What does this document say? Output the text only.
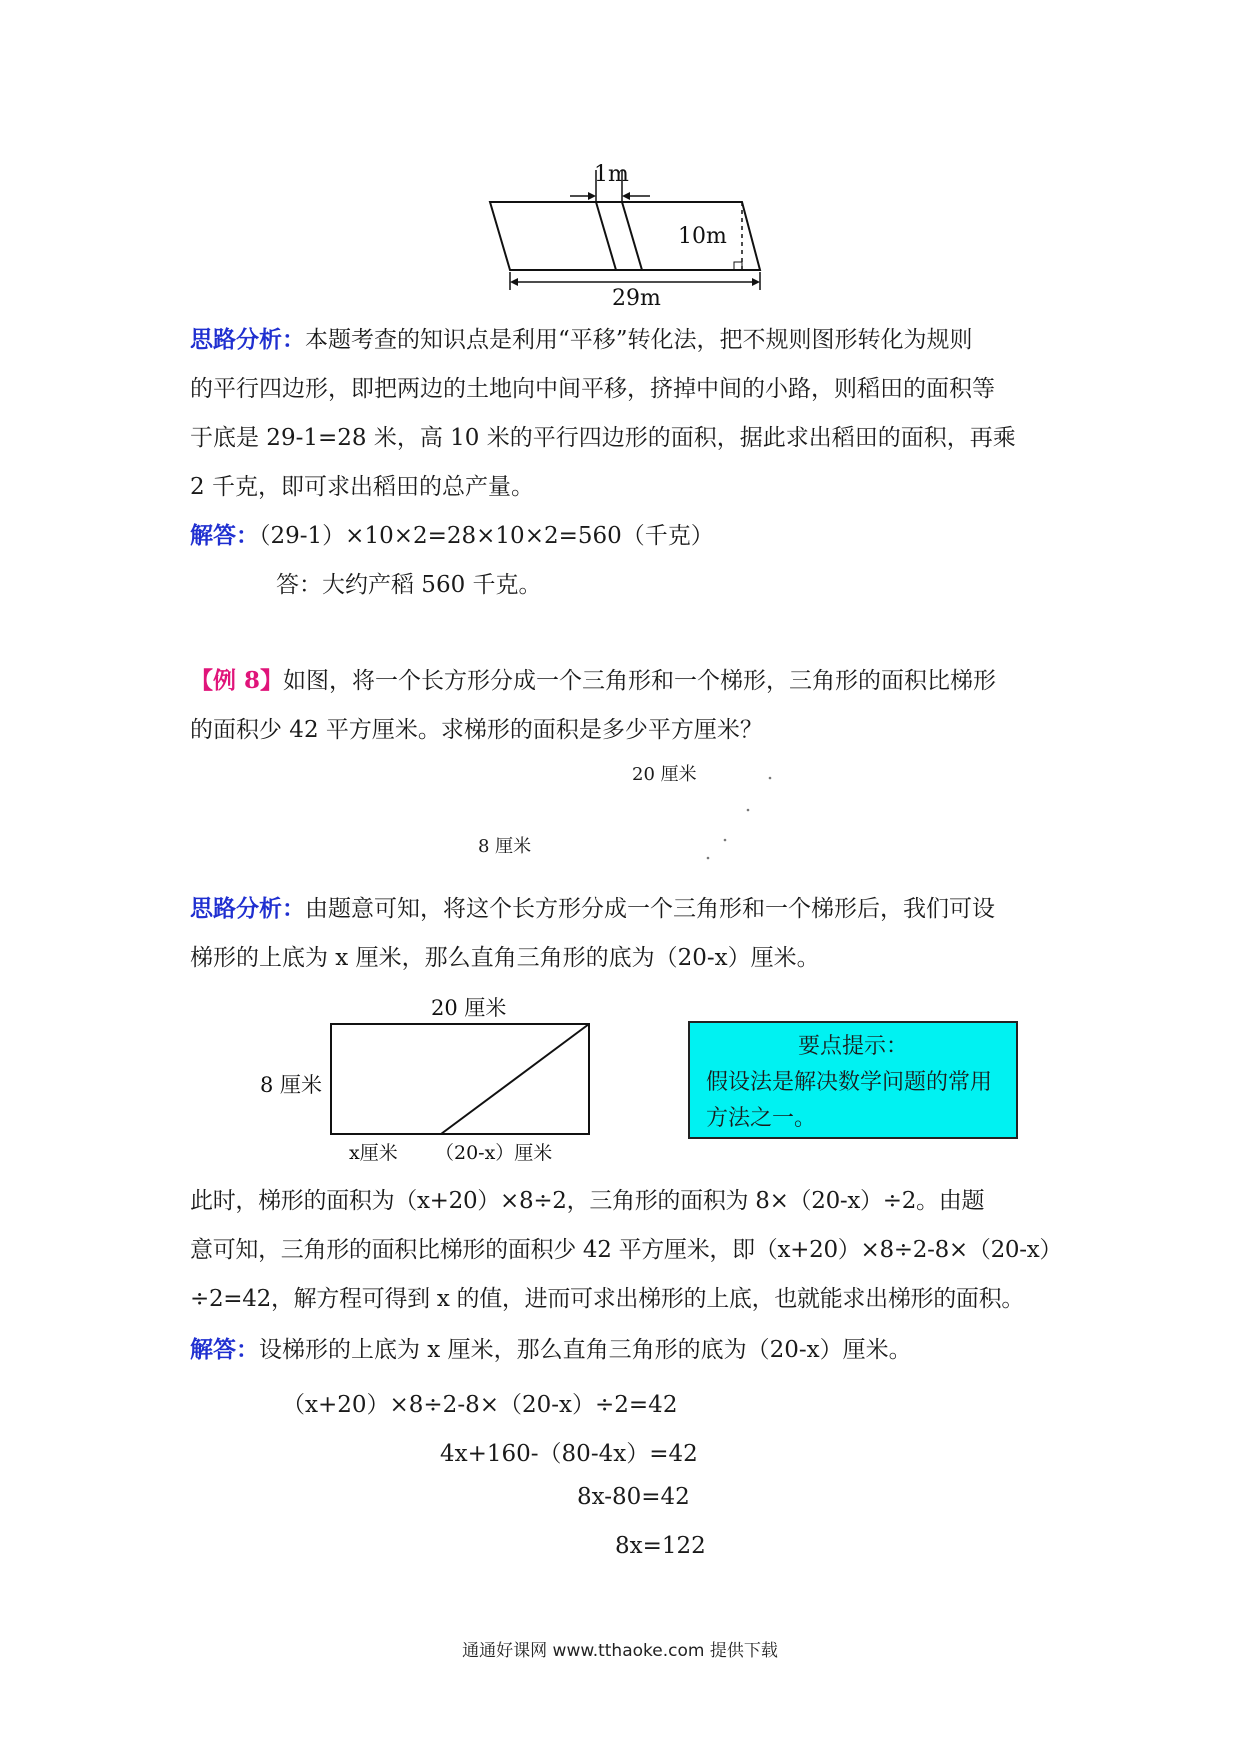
1m
10m
29m
思路分析：本题考查的知识点是利用“平移”转化法，把不规则图形转化为规则
的平行四边形，即把两边的土地向中间平移，挤掉中间的小路，则稻田的面积等
于底是 29-1=28 米，高 10 米的平行四边形的面积，据此求出稻田的面积，再乘
2 千克，即可求出稻田的总产量。
解答：（29-1）×10×2=28×10×2=560（千克）
答：大约产稻 560 千克。
【例 8】如图，将一个长方形分成一个三角形和一个梯形，三角形的面积比梯形
的面积少 42 平方厘米。求梯形的面积是多少平方厘米？
20 厘米
8 厘米
思路分析：由题意可知，将这个长方形分成一个三角形和一个梯形后，我们可设
梯形的上底为 x 厘米，那么直角三角形的底为（20-x）厘米。
20 厘米
8 厘米
x厘米 （20-x）厘米
要点提示：
假设法是解决数学问题的常用
方法之一。
此时，梯形的面积为（x+20）×8÷2，三角形的面积为 8×（20-x）÷2。由题
意可知，三角形的面积比梯形的面积少 42 平方厘米，即（x+20）×8÷2-8×（20-x）
÷2=42，解方程可得到 x 的值，进而可求出梯形的上底，也就能求出梯形的面积。
解答：设梯形的上底为 x 厘米，那么直角三角形的底为（20-x）厘米。
（x+20）×8÷2-8×（20-x）÷2=42
4x+160-（80-4x）=42
8x-80=42
8x=122
通通好课网 www.tthaoke.com 提供下载
